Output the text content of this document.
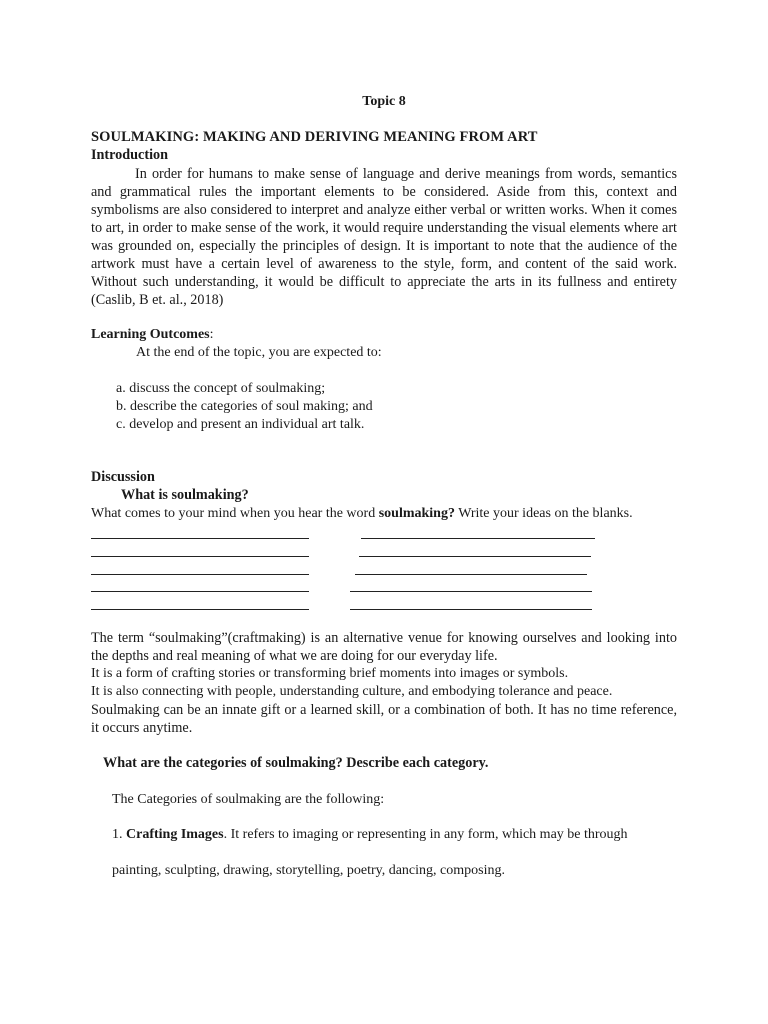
Topic 8
SOULMAKING: MAKING AND DERIVING MEANING FROM ART
Introduction
In order for humans to make sense of language and derive meanings from words, semantics and grammatical rules the important elements to be considered. Aside from this, context and symbolisms are also considered to interpret and analyze either verbal or written works. When it comes to art, in order to make sense of the work, it would require understanding the visual elements where art was grounded on, especially the principles of design. It is important to note that the audience of the artwork must have a certain level of awareness to the style, form, and content of the said work. Without such understanding, it would be difficult to appreciate the arts in its fullness and entirety (Caslib, B et. al., 2018)
Learning Outcomes:
At the end of the topic, you are expected to:
a. discuss the concept of soulmaking;
b. describe the categories of soul making; and
c. develop and present an individual art talk.
Discussion
What is soulmaking?
What comes to your mind when you hear the word soulmaking? Write your ideas on the blanks.
The term “soulmaking”(craftmaking) is an alternative venue for knowing ourselves and looking into the depths and real meaning of what we are doing for our everyday life.
It is a form of crafting stories or transforming brief moments into images or symbols.
It is also connecting with people, understanding culture, and embodying tolerance and peace.
Soulmaking can be an innate gift or a learned skill, or a combination of both. It has no time reference, it occurs anytime.
What are the categories of soulmaking? Describe each category.
The Categories of soulmaking are the following:
1. Crafting Images. It refers to imaging or representing in any form, which may be through
painting, sculpting, drawing, storytelling, poetry, dancing, composing.
